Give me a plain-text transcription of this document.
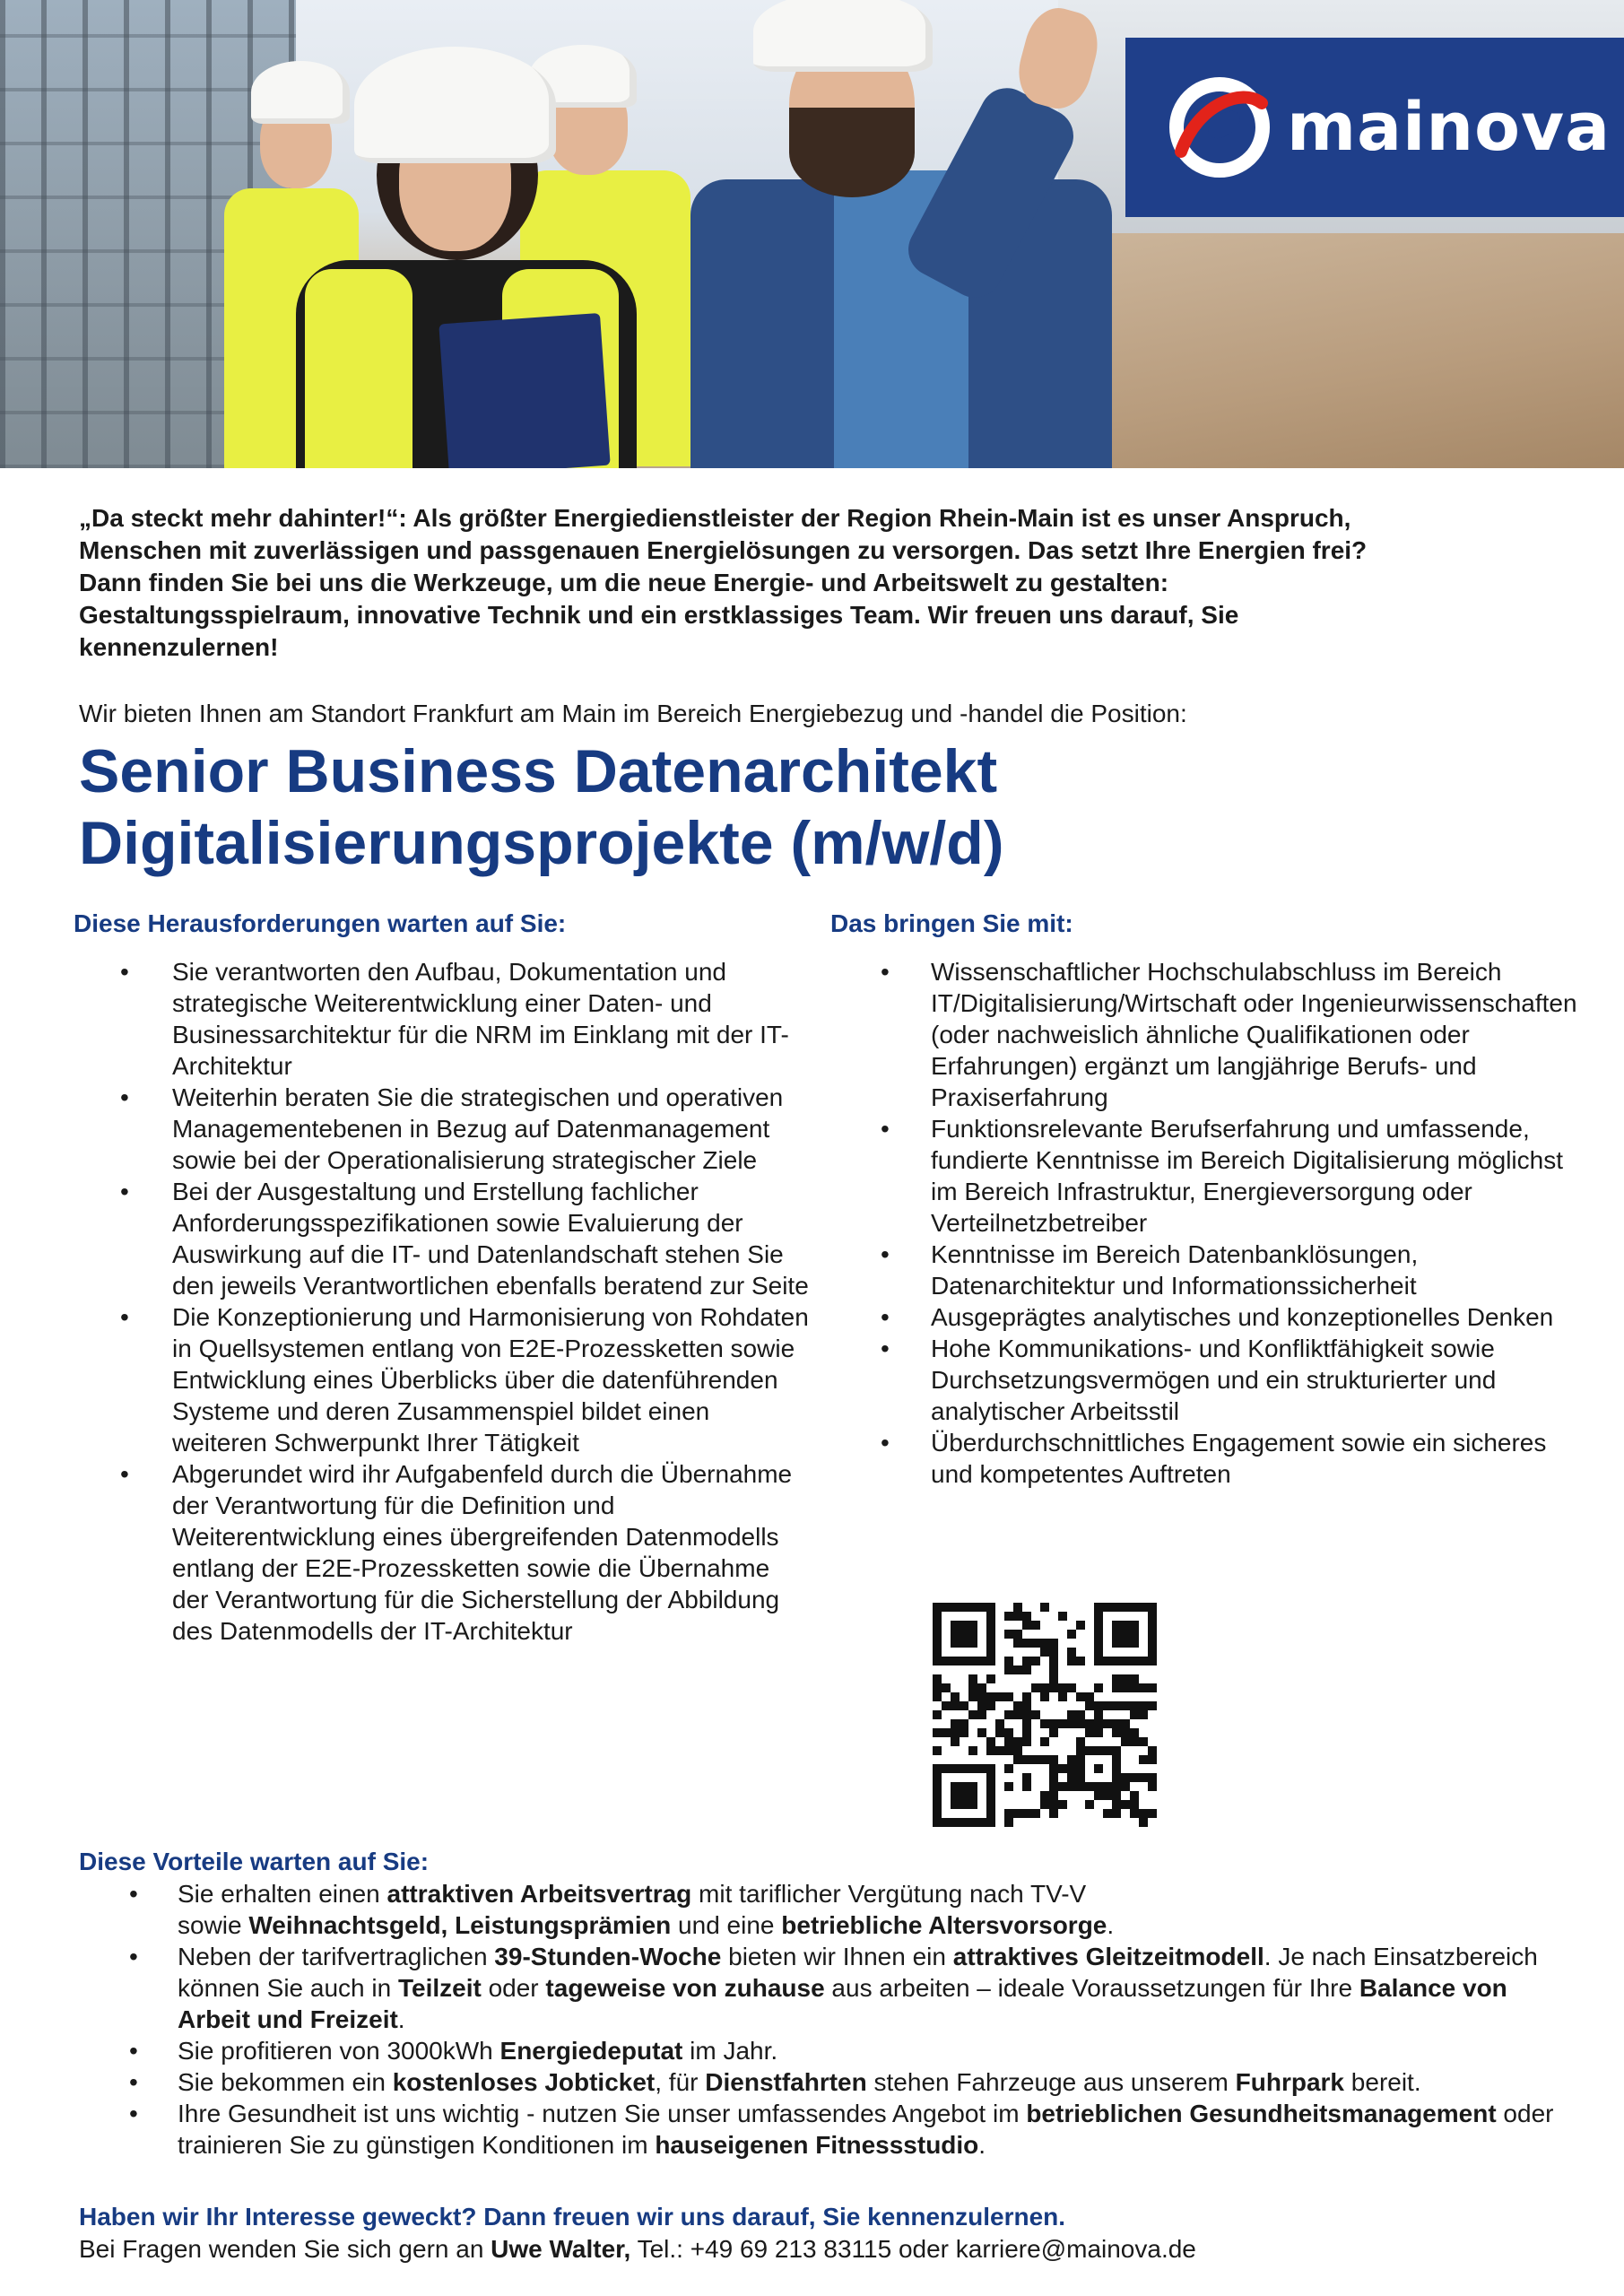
mainova

„Da steckt mehr dahinter!“: Als größter Energiedienstleister der Region Rhein-Main ist es unser Anspruch, Menschen mit zuverlässigen und passgenauen Energielösungen zu versorgen. Das setzt Ihre Energien frei? Dann finden Sie bei uns die Werkzeuge, um die neue Energie- und Arbeitswelt zu gestalten: Gestaltungsspielraum, innovative Technik und ein erstklassiges Team. Wir freuen uns darauf, Sie kennenzulernen!

Wir bieten Ihnen am Standort Frankfurt am Main im Bereich Energiebezug und -handel die Position:

Senior Business Datenarchitekt
Digitalisierungsprojekte (m/w/d)
Diese Herausforderungen warten auf Sie:
• Sie verantworten den Aufbau, Dokumentation und strategische Weiterentwicklung einer Daten- und Businessarchitektur für die NRM im Einklang mit der IT-Architektur
• Weiterhin beraten Sie die strategischen und operativen Managementebenen in Bezug auf Datenmanagement sowie bei der Operationalisierung strategischer Ziele
• Bei der Ausgestaltung und Erstellung fachlicher Anforderungsspezifikationen sowie Evaluierung der Auswirkung auf die IT- und Datenlandschaft stehen Sie den jeweils Verantwortlichen ebenfalls beratend zur Seite
• Die Konzeptionierung und Harmonisierung von Rohdaten in Quellsystemen entlang von E2E-Prozessketten sowie Entwicklung eines Überblicks über die datenführenden Systeme und deren Zusammenspiel bildet einen weiteren Schwerpunkt Ihrer Tätigkeit
• Abgerundet wird ihr Aufgabenfeld durch die Übernahme der Verantwortung für die Definition und Weiterentwicklung eines übergreifenden Datenmodells entlang der E2E-Prozessketten sowie die Übernahme der Verantwortung für die Sicherstellung der Abbildung des Datenmodells der IT-Architektur
Das bringen Sie mit:
• Wissenschaftlicher Hochschulabschluss im Bereich IT/Digitalisierung/Wirtschaft oder Ingenieurwissenschaften (oder nachweislich ähnliche Qualifikationen oder Erfahrungen) ergänzt um langjährige Berufs- und Praxiserfahrung
• Funktionsrelevante Berufserfahrung und umfassende, fundierte Kenntnisse im Bereich Digitalisierung möglichst im Bereich Infrastruktur, Energieversorgung oder Verteilnetzbetreiber
• Kenntnisse im Bereich Datenbanklösungen, Datenarchitektur und Informationssicherheit
• Ausgeprägtes analytisches und konzeptionelles Denken
• Hohe Kommunikations- und Konfliktfähigkeit sowie Durchsetzungsvermögen und ein strukturierter und analytischer Arbeitsstil
• Überdurchschnittliches Engagement sowie ein sicheres und kompetentes Auftreten
Diese Vorteile warten auf Sie:
• Sie erhalten einen attraktiven Arbeitsvertrag mit tariflicher Vergütung nach TV-V
sowie Weihnachtsgeld, Leistungsprämien und eine betriebliche Altersvorsorge.
• Neben der tarifvertraglichen 39-Stunden-Woche bieten wir Ihnen ein attraktives Gleitzeitmodell. Je nach Einsatzbereich können Sie auch in Teilzeit oder tageweise von zuhause aus arbeiten – ideale Voraussetzungen für Ihre Balance von Arbeit und Freizeit.
• Sie profitieren von 3000kWh Energiedeputat im Jahr.
• Sie bekommen ein kostenloses Jobticket, für Dienstfahrten stehen Fahrzeuge aus unserem Fuhrpark bereit.
• Ihre Gesundheit ist uns wichtig - nutzen Sie unser umfassendes Angebot im betrieblichen Gesundheitsmanagement oder trainieren Sie zu günstigen Konditionen im hauseigenen Fitnessstudio.

Haben wir Ihr Interesse geweckt? Dann freuen wir uns darauf, Sie kennenzulernen.

Bei Fragen wenden Sie sich gern an Uwe Walter, Tel.: +49 69 213 83115 oder karriere@mainova.de
